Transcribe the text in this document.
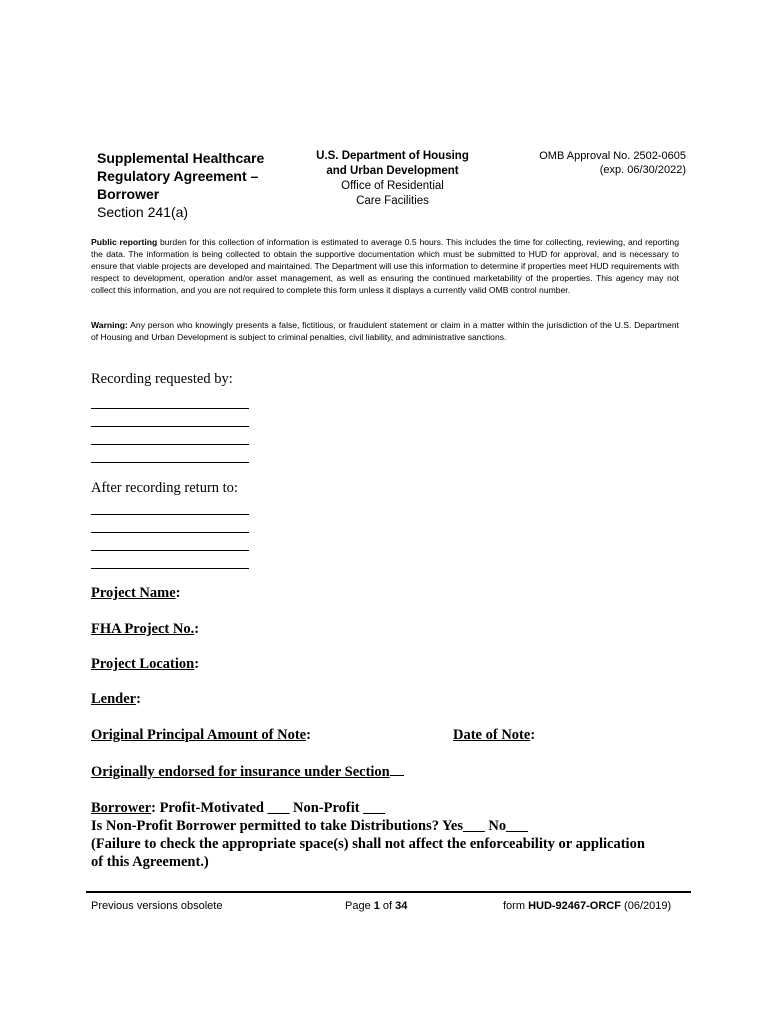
Supplemental Healthcare
Regulatory Agreement –
Borrower
Section 241(a)
U.S. Department of Housing
and Urban Development
Office of Residential
Care Facilities
OMB Approval No. 2502-0605
(exp. 06/30/2022)
Public reporting burden for this collection of information is estimated to average 0.5 hours. This includes the time for collecting, reviewing, and reporting the data. The information is being collected to obtain the supportive documentation which must be submitted to HUD for approval, and is necessary to ensure that viable projects are developed and maintained. The Department will use this information to determine if properties meet HUD requirements with respect to development, operation and/or asset management, as well as ensuring the continued marketability of the properties. This agency may not collect this information, and you are not required to complete this form unless it displays a currently valid OMB control number.
Warning: Any person who knowingly presents a false, fictitious, or fraudulent statement or claim in a matter within the jurisdiction of the U.S. Department of Housing and Urban Development is subject to criminal penalties, civil liability, and administrative sanctions.
Recording requested by:
After recording return to:
Project Name:
FHA Project No.:
Project Location:
Lender:
Original Principal Amount of Note:	Date of Note:
Originally endorsed for insurance under Section
Borrower: Profit-Motivated ___ Non-Profit ___
Is Non-Profit Borrower permitted to take Distributions? Yes___ No___
(Failure to check the appropriate space(s) shall not affect the enforceability or application
of this Agreement.)
Previous versions obsolete	Page 1 of 34	form HUD-92467-ORCF (06/2019)
